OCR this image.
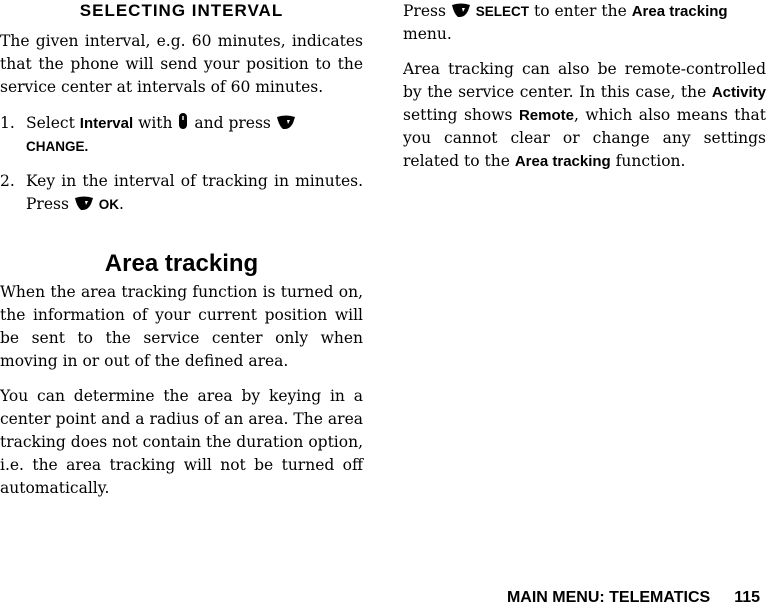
SELECTING INTERVAL

The given interval, e.g. 60 minutes, indicates that the phone will send your position to the service center at intervals of 60 minutes.

1. Select Interval with and press
CHANGE.
2. Key in the interval of tracking in minutes. Press OK.
Area tracking

When the area tracking function is turned on, the information of your current position will be sent to the service center only when moving in or out of the defined area.

You can determine the area by keying in a center point and a radius of an area. The area tracking does not contain the duration option, i.e. the area tracking will not be turned off automatically.

Press SELECT to enter the Area tracking menu.

Area tracking can also be remote-controlled by the service center. In this case, the Activity setting shows Remote, which also means that you cannot clear or change any settings related to the Area tracking function.

MAIN MENU: TELEMATICS 115
